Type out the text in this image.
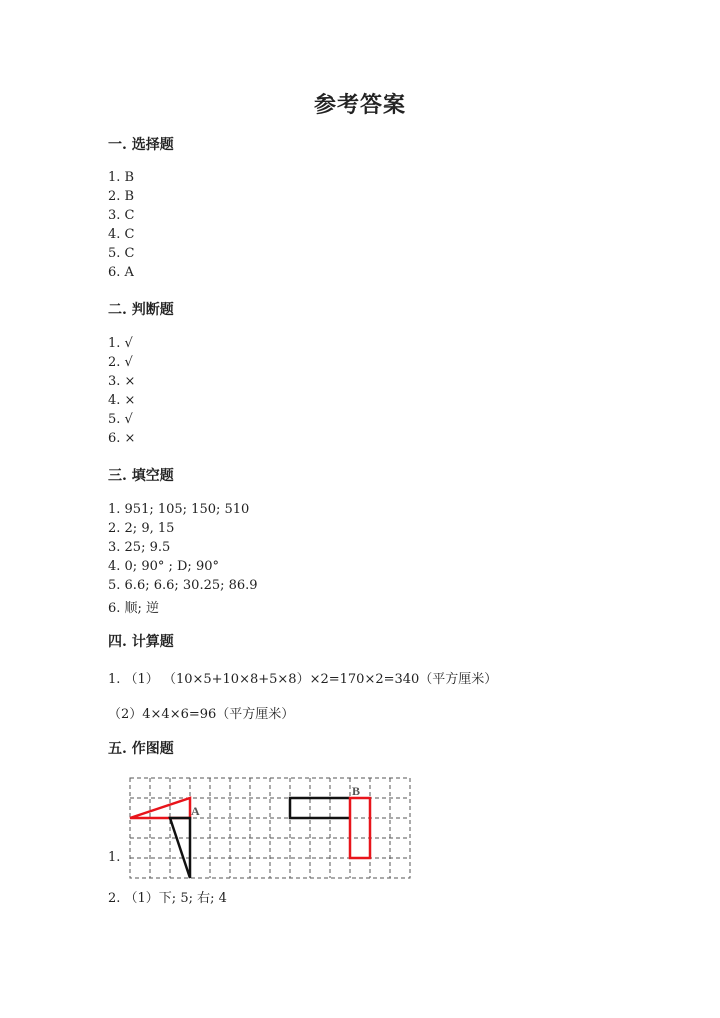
参考答案
一. 选择题
1. B
2. B
3. C
4. C
5. C
6. A
二. 判断题
1. √
2. √
3. ×
4. ×
5. √
6. ×
三. 填空题
1. 951; 105; 150; 510
2. 2; 9, 15
3. 25; 9.5
4. 0; 90° ; D; 90°
5. 6.6; 6.6; 30.25; 86.9
6. 顺; 逆
四. 计算题
1. （1） （10×5+10×8+5×8）×2=170×2=340（平方厘米）
（2）4×4×6=96（平方厘米）
五. 作图题
1.
2. （1）下; 5; 右; 4
A
B
